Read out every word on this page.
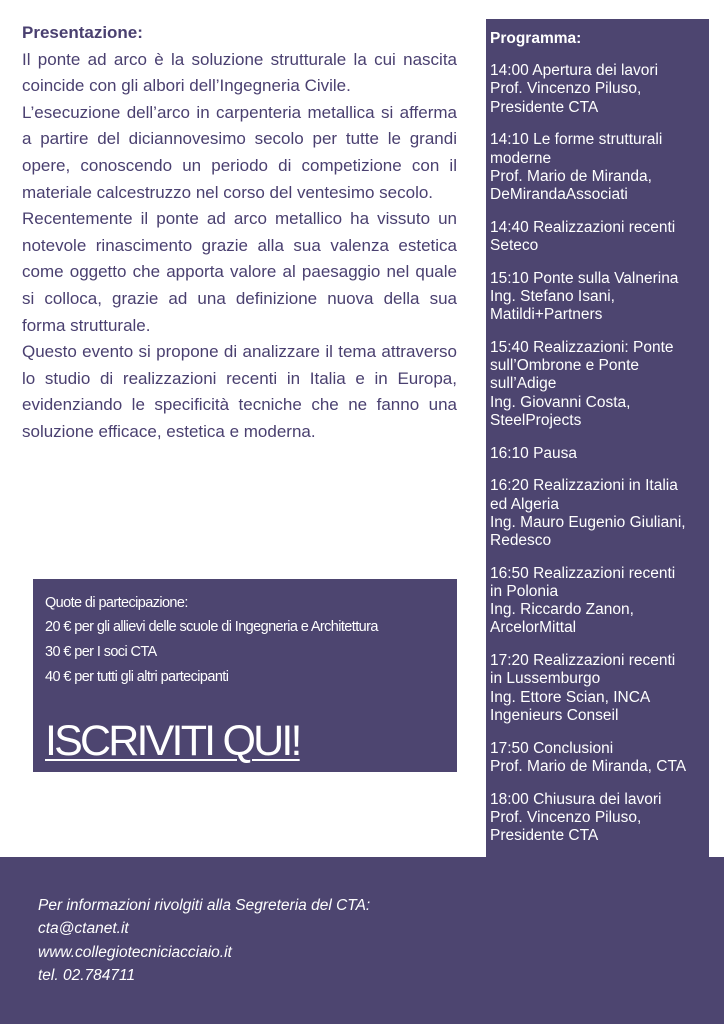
Presentazione:

Il ponte ad arco è la soluzione strutturale la cui nascita coincide con gli albori dell’Ingegneria Civile.

L’esecuzione dell’arco in carpenteria metallica si afferma a partire del diciannovesimo secolo per tutte le grandi opere, conoscendo un periodo di competizione con il materiale calcestruzzo nel corso del ventesimo secolo.

Recentemente il ponte ad arco metallico ha vissuto un notevole rinascimento grazie alla sua valenza estetica come oggetto che apporta valore al paesaggio nel quale si colloca, grazie ad una definizione nuova della sua forma strutturale.

Questo evento si propone di analizzare il tema attraverso lo studio di realizzazioni recenti in Italia e in Europa, evidenziando le specificità tecniche che ne fanno una soluzione efficace, estetica e moderna.

Programma:
14:00 Apertura dei lavori
Prof. Vincenzo Piluso,
Presidente CTA
14:10 Le forme strutturali
moderne
Prof. Mario de Miranda,
DeMirandaAssociati
14:40 Realizzazioni recenti
Seteco
15:10 Ponte sulla Valnerina
Ing. Stefano Isani,
Matildi+Partners
15:40 Realizzazioni: Ponte
sull’Ombrone e Ponte
sull’Adige
Ing. Giovanni Costa,
SteelProjects
16:10 Pausa
16:20 Realizzazioni in Italia
ed Algeria
Ing. Mauro Eugenio Giuliani,
Redesco
16:50 Realizzazioni recenti
in Polonia
Ing. Riccardo Zanon,
ArcelorMittal
17:20 Realizzazioni recenti
in Lussemburgo
Ing. Ettore Scian, INCA
Ingenieurs Conseil
17:50 Conclusioni
Prof. Mario de Miranda, CTA
18:00 Chiusura dei lavori
Prof. Vincenzo Piluso,
Presidente CTA
Quote di partecipazione:
20 € per gli allievi delle scuole di Ingegneria e Architettura
30 € per I soci CTA
40 € per tutti gli altri partecipanti
ISCRIVITI QUI!
Per informazioni rivolgiti alla Segreteria del CTA:
cta@ctanet.it
www.collegiotecniciacciaio.it
tel. 02.784711
